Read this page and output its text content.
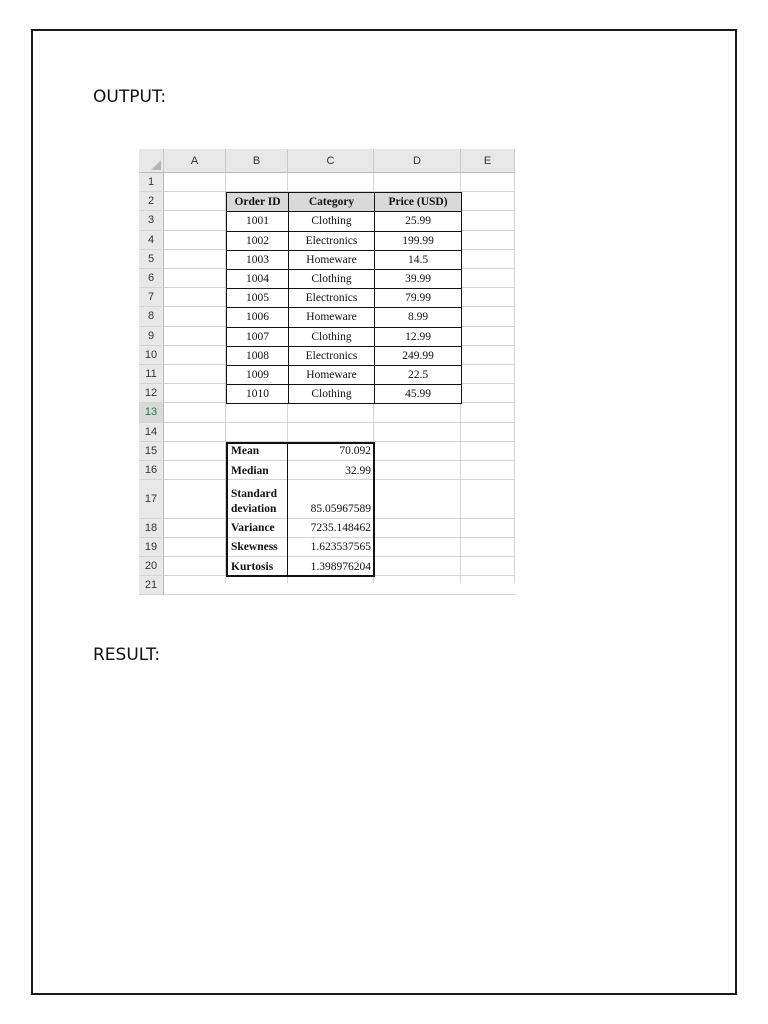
OUTPUT:
A	B	C	D	E
1
2
3
4
5
6
7
8
9
10
11
12
13
14
15
16
17
18
19
20
21
Order ID	Category	Price (USD)
1001	Clothing	25.99
1002	Electronics	199.99
1003	Homeware	14.5
1004	Clothing	39.99
1005	Electronics	79.99
1006	Homeware	8.99
1007	Clothing	12.99
1008	Electronics	249.99
1009	Homeware	22.5
1010	Clothing	45.99
Mean	70.092
Median	32.99
Standard deviation	85.05967589
Variance	7235.148462
Skewness	1.623537565
Kurtosis	1.398976204
RESULT:
